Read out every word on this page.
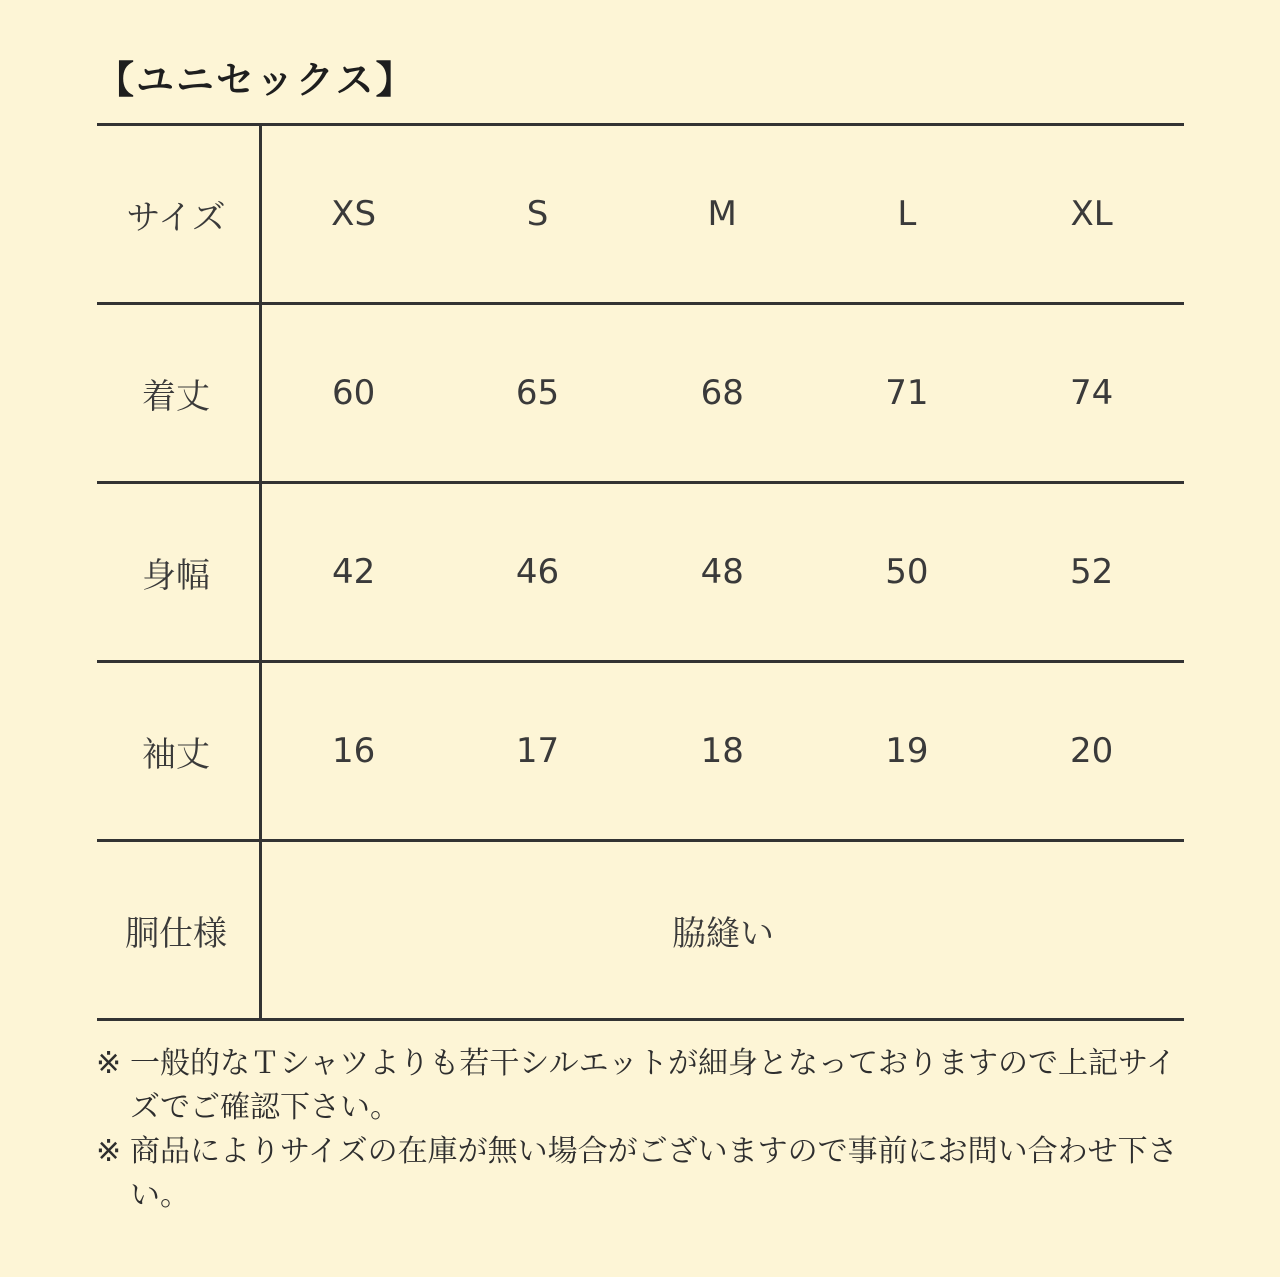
【ユニセックス】
サイズ	XS	S	M	L	XL
着丈	60	65	68	71	74
身幅	42	46	48	50	52
袖丈	16	17	18	19	20
胴仕様	脇縫い				
※ 一般的なＴシャツよりも若干シルエットが細身となっておりますので上記サイズでご確認下さい。
※ 商品によりサイズの在庫が無い場合がございますので事前にお問い合わせ下さい。
